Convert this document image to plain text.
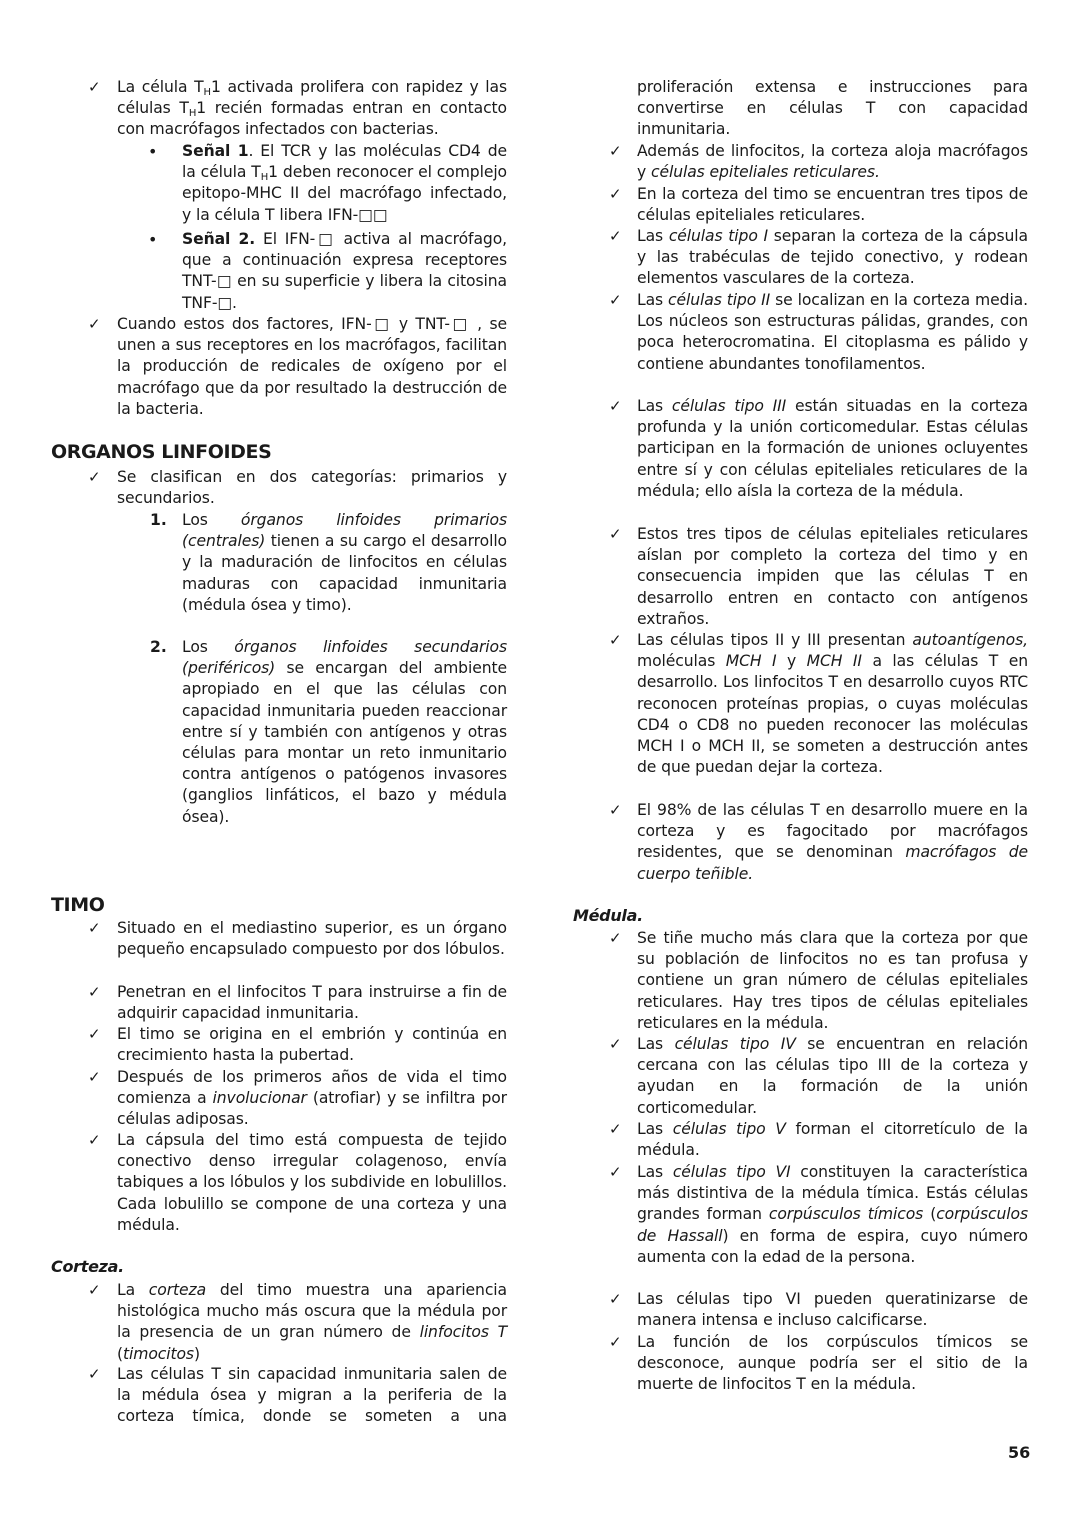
✓ La célula $T_H1$ activada prolifera con rapidez y las células $T_H1$ recién formadas entran en contacto con macrófagos infectados con bacterias.
• Señal 1. El TCR y las moléculas CD4 de la célula $T_H1$ deben reconocer el complejo epitopo-MHC II del macrófago infectado, y la célula T libera IFN-□□
• Señal 2. El IFN-□ activa al macrófago, que a continuación expresa receptores TNT-□ en su superficie y libera la citosina TNF-□.
✓ Cuando estos dos factores, IFN-□ y TNT-□ , se unen a sus receptores en los macrófagos, facilitan la producción de redicales de oxígeno por el macrófago que da por resultado la destrucción de la bacteria.
ORGANOS LINFOIDES
✓ Se clasifican en dos categorías: primarios y secundarios.
1. Los órganos linfoides primarios (centrales) tienen a su cargo el desarrollo y la maduración de linfocitos en células maduras con capacidad inmunitaria (médula ósea y timo).
2. Los órganos linfoides secundarios (periféricos) se encargan del ambiente apropiado en el que las células con capacidad inmunitaria pueden reaccionar entre sí y también con antígenos y otras células para montar un reto inmunitario contra antígenos o patógenos invasores (ganglios linfáticos, el bazo y médula ósea).
TIMO
✓ Situado en el mediastino superior, es un órgano pequeño encapsulado compuesto por dos lóbulos.
✓ Penetran en el linfocitos T para instruirse a fin de adquirir capacidad inmunitaria.
✓ El timo se origina en el embrión y continúa en crecimiento hasta la pubertad.
✓ Después de los primeros años de vida el timo comienza a involucionar (atrofiar) y se infiltra por células adiposas.
✓ La cápsula del timo está compuesta de tejido conectivo denso irregular colagenoso, envía tabiques a los lóbulos y los subdivide en lobulillos. Cada lobulillo se compone de una corteza y una médula.
Corteza.
✓ La corteza del timo muestra una apariencia histológica mucho más oscura que la médula por la presencia de un gran número de linfocitos T (timocitos)
✓ Las células T sin capacidad inmunitaria salen de la médula ósea y migran a la periferia de la corteza tímica, donde se someten a una
proliferación extensa e instrucciones para convertirse en células T con capacidad inmunitaria.
✓ Además de linfocitos, la corteza aloja macrófagos y células epiteliales reticulares.
✓ En la corteza del timo se encuentran tres tipos de células epiteliales reticulares.
✓ Las células tipo I separan la corteza de la cápsula y las trabéculas de tejido conectivo, y rodean elementos vasculares de la corteza.
✓ Las células tipo II se localizan en la corteza media. Los núcleos son estructuras pálidas, grandes, con poca heterocromatina. El citoplasma es pálido y contiene abundantes tonofilamentos.
✓ Las células tipo III están situadas en la corteza profunda y la unión corticomedular. Estas células participan en la formación de uniones ocluyentes entre sí y con células epiteliales reticulares de la médula; ello aísla la corteza de la médula.
✓ Estos tres tipos de células epiteliales reticulares aíslan por completo la corteza del timo y en consecuencia impiden que las células T en desarrollo entren en contacto con antígenos extraños.
✓ Las células tipos II y III presentan autoantígenos, moléculas MCH I y MCH II a las células T en desarrollo. Los linfocitos T en desarrollo cuyos RTC reconocen proteínas propias, o cuyas moléculas CD4 o CD8 no pueden reconocer las moléculas MCH I o MCH II, se someten a destrucción antes de que puedan dejar la corteza.
✓ El 98% de las células T en desarrollo muere en la corteza y es fagocitado por macrófagos residentes, que se denominan macrófagos de cuerpo teñible.
Médula.
✓ Se tiñe mucho más clara que la corteza por que su población de linfocitos no es tan profusa y contiene un gran número de células epiteliales reticulares. Hay tres tipos de células epiteliales reticulares en la médula.
✓ Las células tipo IV se encuentran en relación cercana con las células tipo III de la corteza y ayudan en la formación de la unión corticomedular.
✓ Las células tipo V forman el citorretículo de la médula.
✓ Las células tipo VI constituyen la característica más distintiva de la médula tímica. Estás células grandes forman corpúsculos tímicos (corpúsculos de Hassall) en forma de espira, cuyo número aumenta con la edad de la persona.
✓ Las células tipo VI pueden queratinizarse de manera intensa e incluso calcificarse.
✓ La función de los corpúsculos tímicos se desconoce, aunque podría ser el sitio de la muerte de linfocitos T en la médula.
56
